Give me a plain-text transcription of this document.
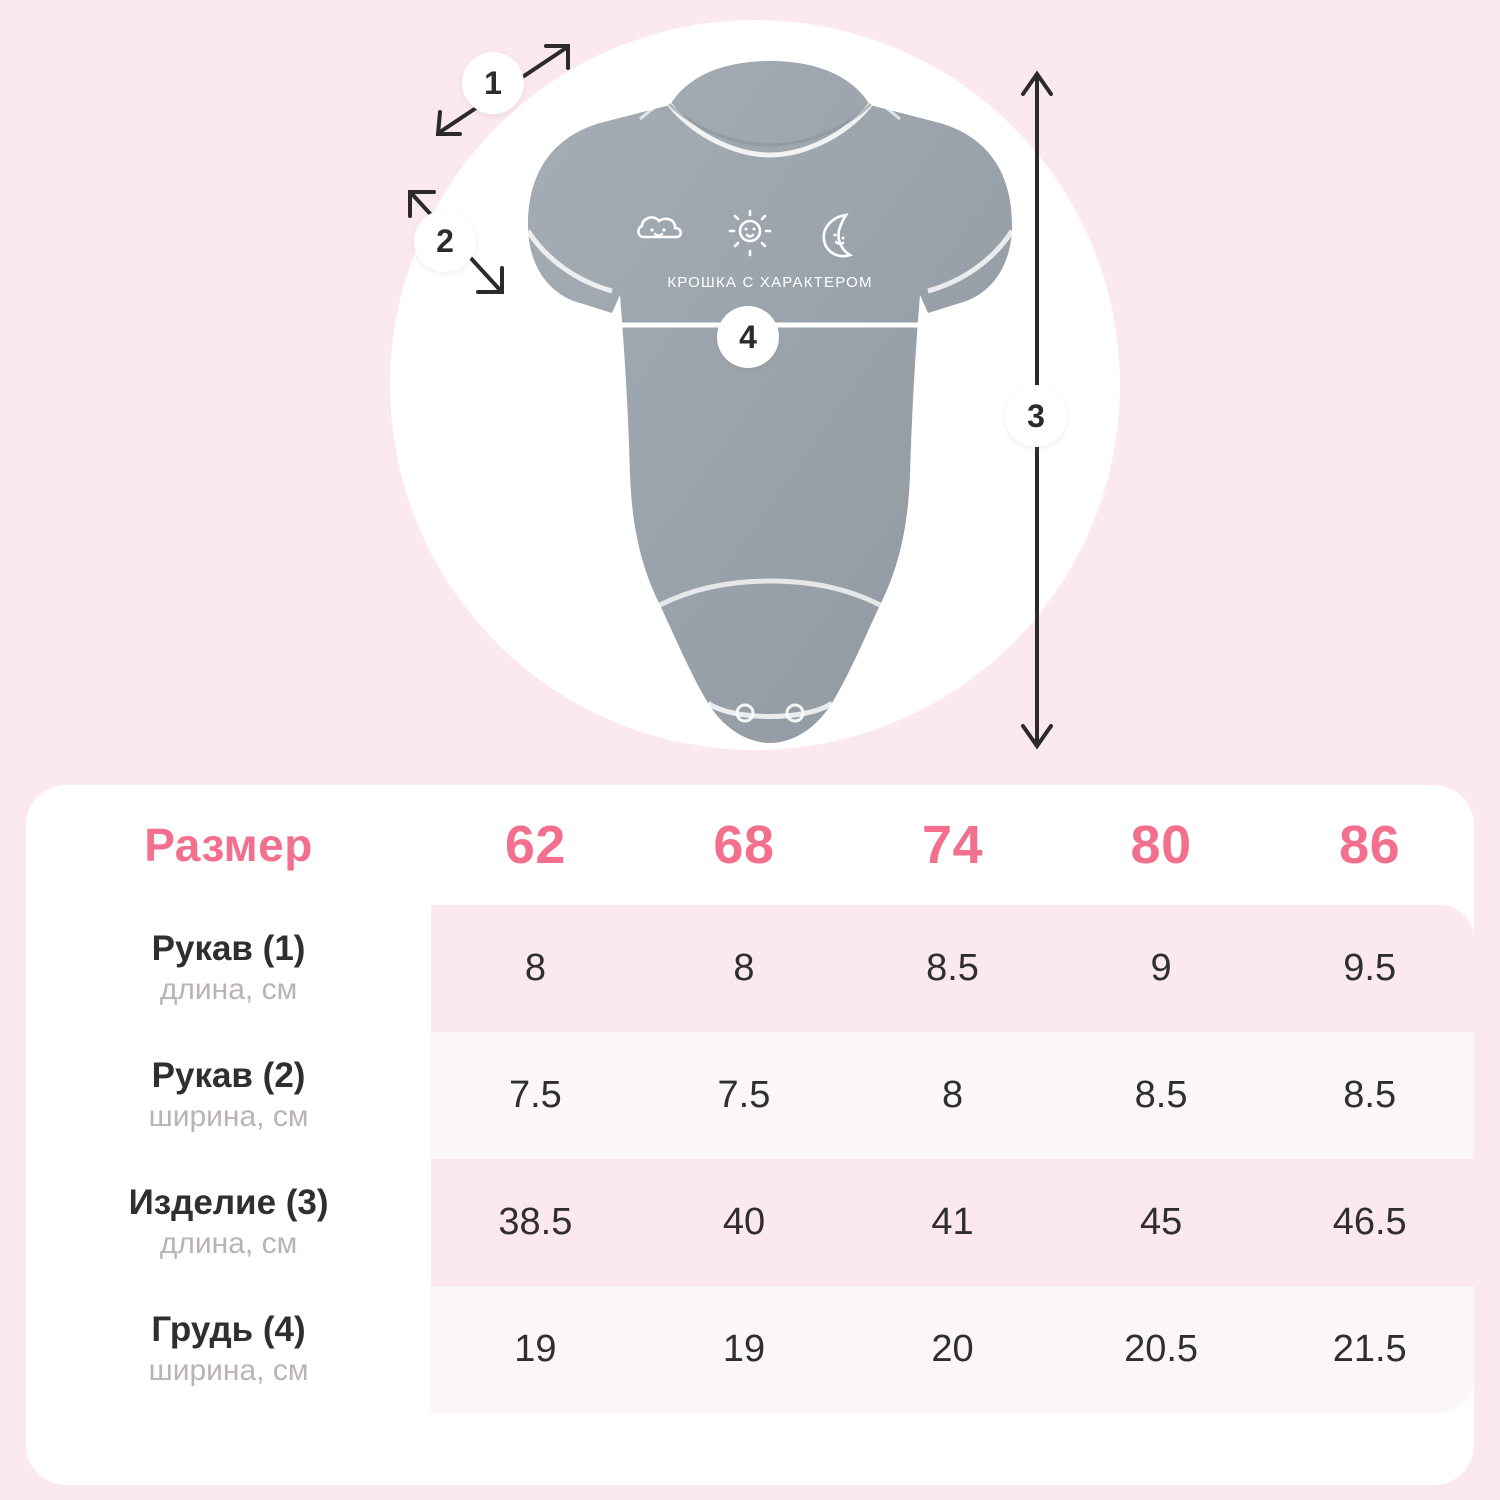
КРОШКА С ХАРАКТЕРОМ
1
2
3
4
Размер	62	68	74	80	86

Рукав (1)
длина, см	8	8	8.5	9	9.5

Рукав (2)
ширина, см	7.5	7.5	8	8.5	8.5

Изделие (3)
длина, см	38.5	40	41	45	46.5

Грудь (4)
ширина, см	19	19	20	20.5	21.5
